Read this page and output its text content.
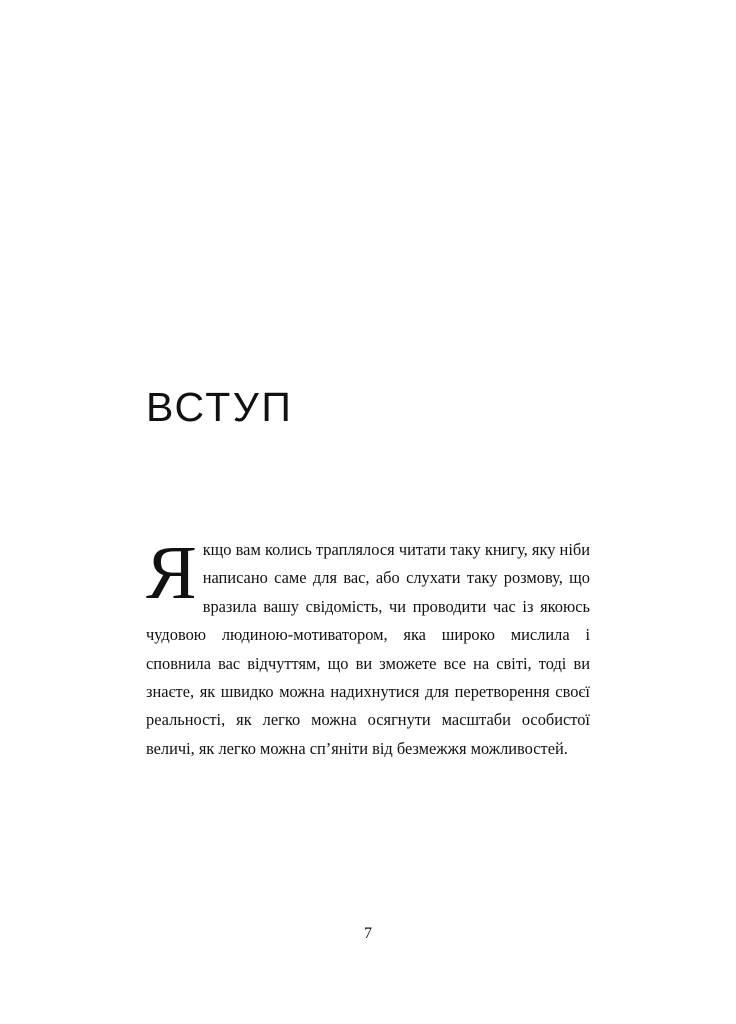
ВСТУП

Якщо вам колись траплялося читати таку книгу, яку ніби написано саме для вас, або слухати таку розмову, що вразила вашу свідомість, чи проводити час із якоюсь чудовою людиною-мотиватором, яка широко мислила і сповнила вас відчуттям, що ви зможете все на світі, тоді ви знаєте, як швидко можна надихнутися для перетворення своєї реальності, як легко можна осягнути масштаби особистої величі, як легко можна сп’яніти від безмежжя можливостей.

7
